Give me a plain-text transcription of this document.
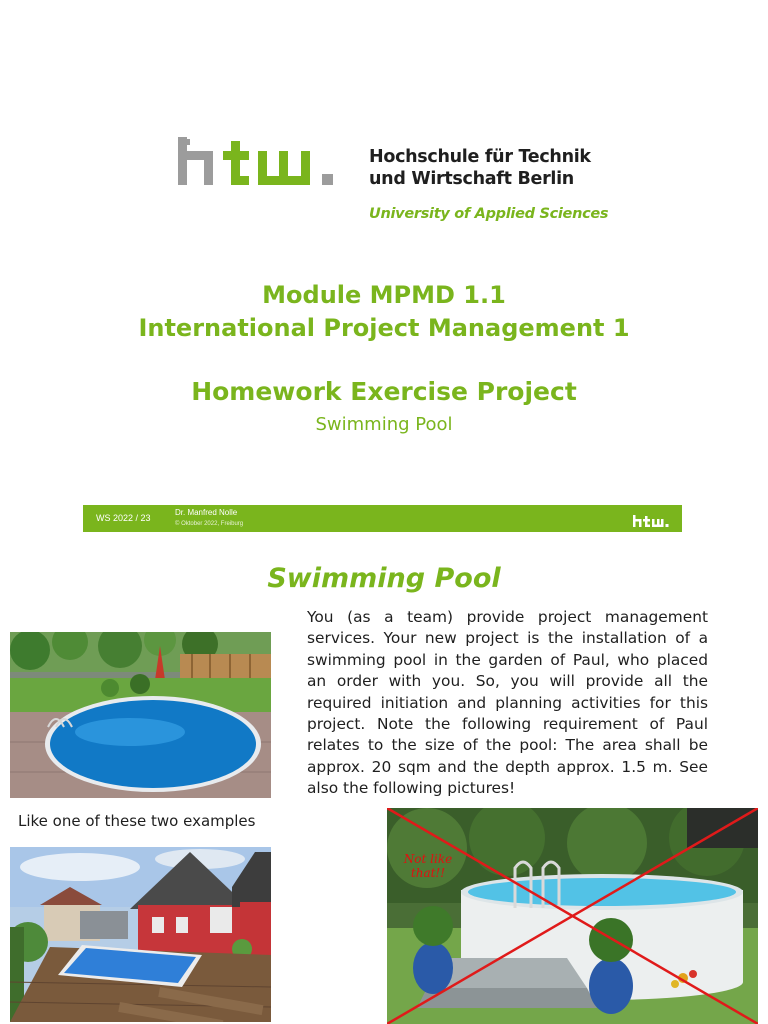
Hochschule für Technik
und Wirtschaft Berlin
University of Applied Sciences
Module MPMD 1.1
International Project Management 1
Homework Exercise Project
Swimming Pool
WS 2022 / 23
Dr. Manfred Nolle
© Oktober 2022, Freiburg
Swimming Pool
You (as a team) provide project management services. Your new project is the installation of a swimming pool in the garden of Paul, who placed an order with you. So, you will provide all the required initiation and planning activities for this project. Note the following requirement of Paul relates to the size of the pool: The area shall be approx. 20 sqm and the depth approx. 1.5 m. See also the following pictures!
Like one of these two examples
Not like
that!!
